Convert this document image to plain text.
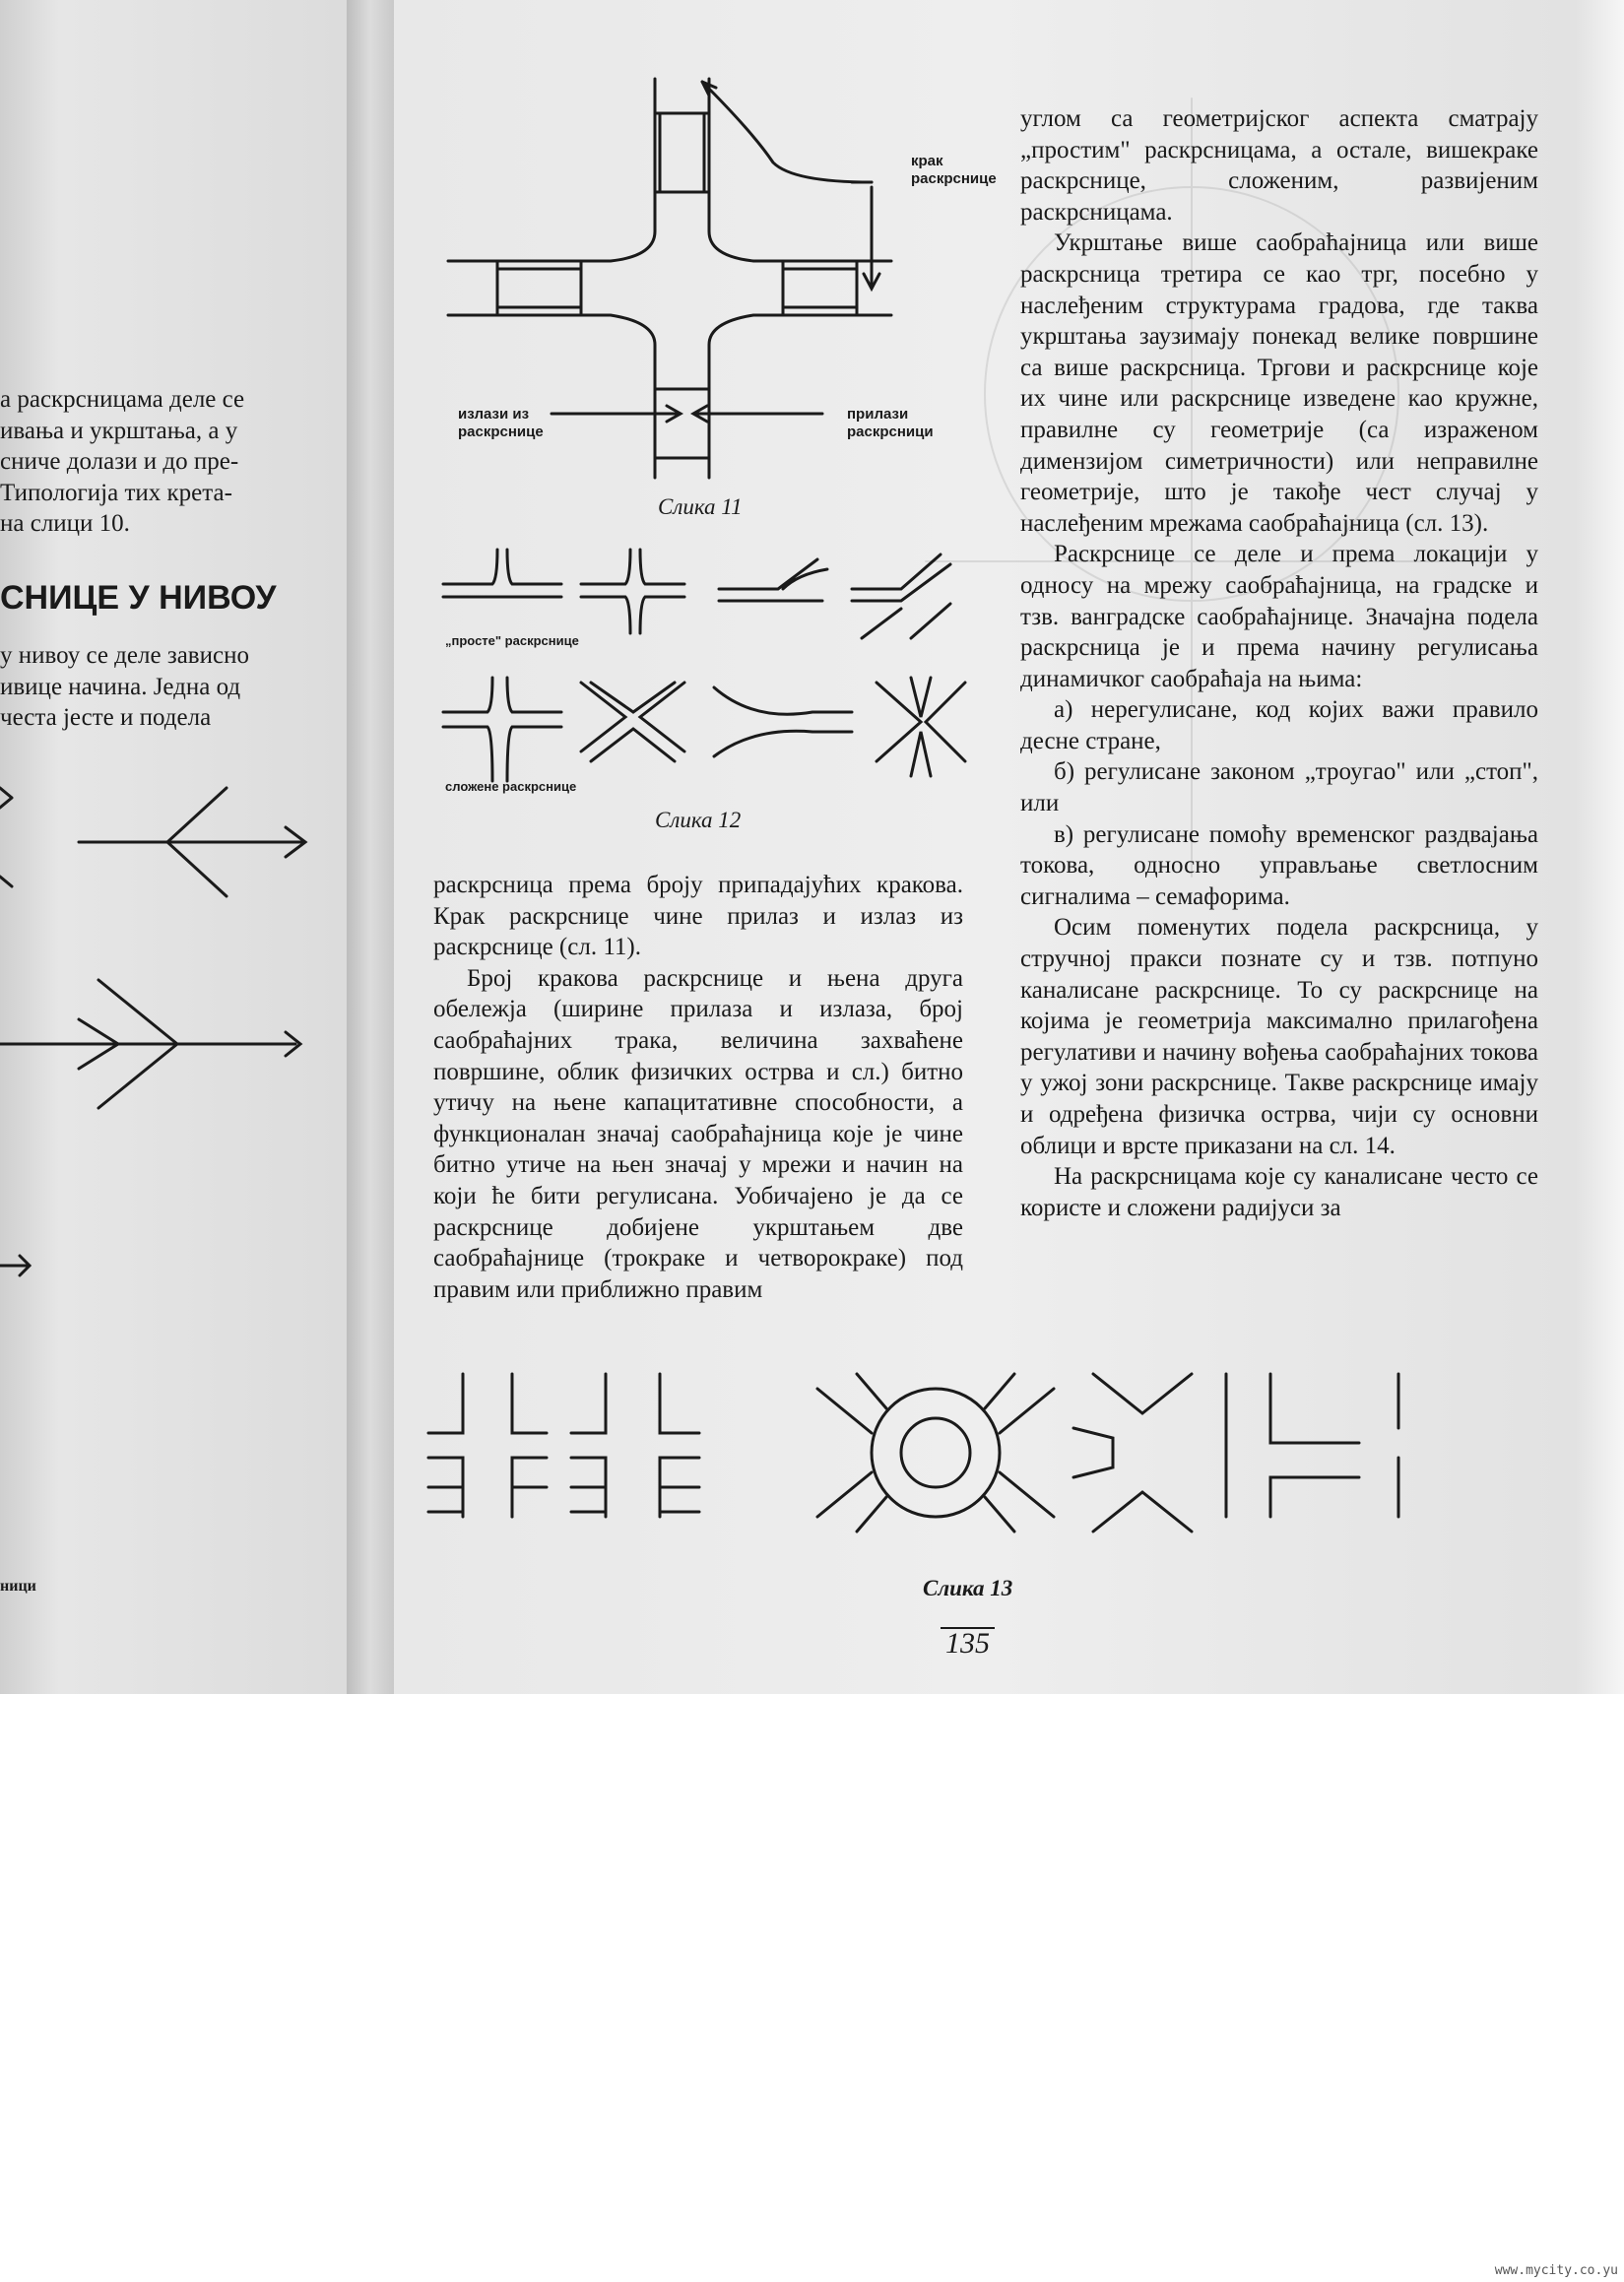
а раскрсницама деле се
ивања и укрштања, а у
сниче долази и до пре-
Типологија тих крета-
на слици 10.
СНИЦЕ У НИВОУ
у нивоу се деле зависно
ивице начина. Једна од
честа јесте и подела
ници
крак
раскрснице
излази из
раскрснице
прилази
раскрсници
Слика 11
„просте" раскрснице
сложене раскрснице
Слика 12

раскрсница према броју припадајућих кракова. Крак раскрснице чине прилаз и излаз из раскрснице (сл. 11).

Број кракова раскрснице и њена друга обележја (ширине прилаза и излаза, број саобраћајних трака, величина захваћене површине, облик физичких острва и сл.) битно утичу на њене капацитативне способности, а функционалан значај саобраћајница које је чине битно утиче на њен значај у мрежи и начин на који ће бити регулисана. Уобичајено је да се раскрснице добијене укрштањем две саобраћајнице (трокраке и четворокраке) под правим или приближно правим

углом са геометријског аспекта сматрају „простим" раскрсницама, а остале, вишекраке раскрснице, сложеним, развијеним раскрсницама.

Укрштање више саобраћајница или више раскрсница третира се као трг, посебно у наслеђеним структурама градова, где таква укрштања заузимају понекад велике површине са више раскрсница. Тргови и раскрснице које их чине или раскрснице изведене као кружне, правилне су геометрије (са израженом димензијом симетричности) или неправилне геометрије, што је такође чест случај у наслеђеним мрежама саобраћајница (сл. 13).

Раскрснице се деле и према локацији у односу на мрежу саобраћајница, на градске и тзв. ванградске саобраћајнице. Значајна подела раскрсница је и према начину регулисања динамичког саобраћаја на њима:

а) нерегулисане, код којих важи правило десне стране,

б) регулисане законом „троугао" или „стоп", или

в) регулисане помоћу временског раздвајања токова, односно управљање светлосним сигналима – семафорима.

Осим поменутих подела раскрсница, у стручној пракси познате су и тзв. потпуно каналисане раскрснице. То су раскрснице на којима је геометрија максимално прилагођена регулативи и начину вођења саобраћајних токова у ужој зони раскрснице. Такве раскрснице имају и одређена физичка острва, чији су основни облици и врсте приказани на сл. 14.

На раскрсницама које су каналисане често се користе и сложени радијуси за

Слика 13
135
www.mycity.co.yu
